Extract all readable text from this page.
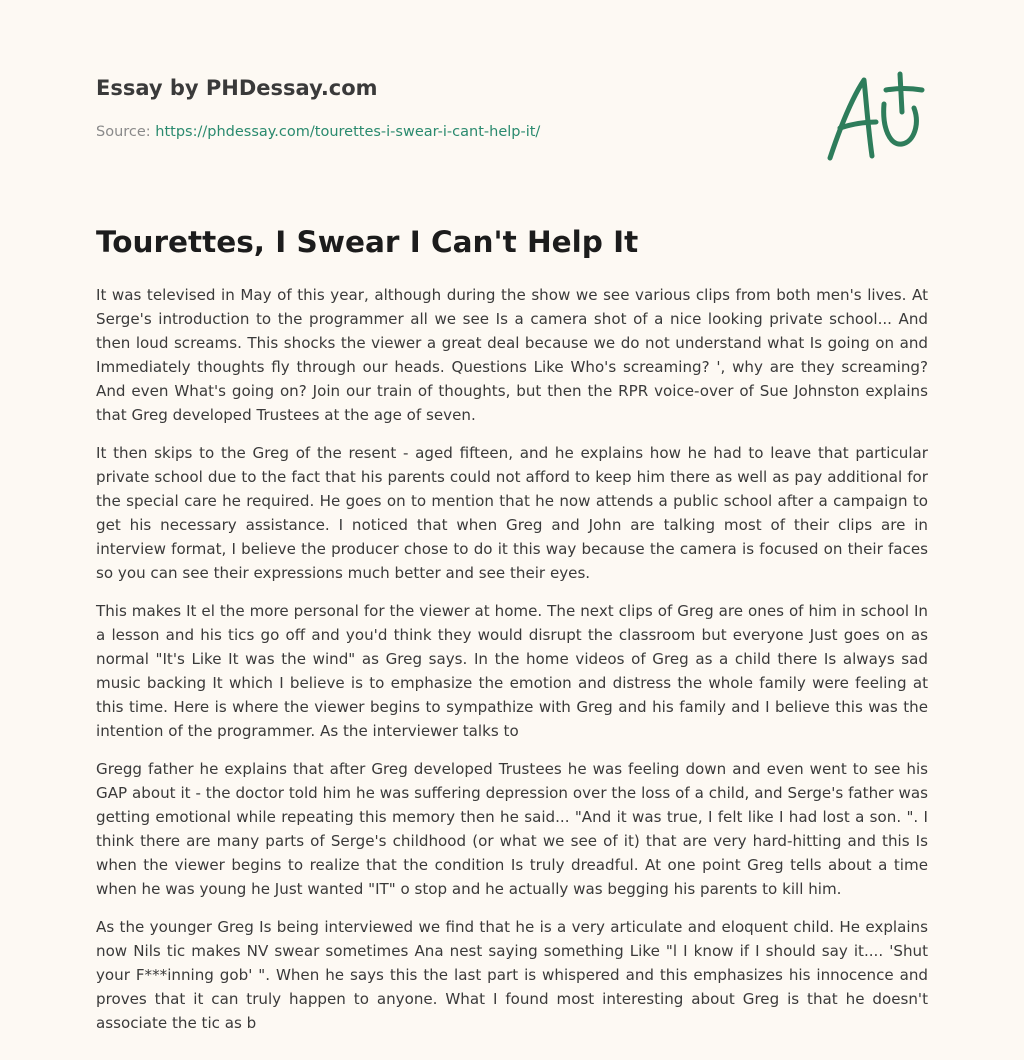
Essay by PHDessay.com
Source: https://phdessay.com/tourettes-i-swear-i-cant-help-it/
Tourettes, I Swear I Can't Help It

It was televised in May of this year, although during the show we see various clips from both men's lives. At Serge's introduction to the programmer all we see Is a camera shot of a nice looking private school... And then loud screams. This shocks the viewer a great deal because we do not understand what Is going on and Immediately thoughts fly through our heads. Questions Like Who's screaming? ', why are they screaming? And even What's going on? Join our train of thoughts, but then the RPR voice-over of Sue Johnston explains that Greg developed Trustees at the age of seven.

It then skips to the Greg of the resent - aged fifteen, and he explains how he had to leave that particular private school due to the fact that his parents could not afford to keep him there as well as pay additional for the special care he required. He goes on to mention that he now attends a public school after a campaign to get his necessary assistance. I noticed that when Greg and John are talking most of their clips are in interview format, I believe the producer chose to do it this way because the camera is focused on their faces so you can see their expressions much better and see their eyes.

This makes It el the more personal for the viewer at home. The next clips of Greg are ones of him in school In a lesson and his tics go off and you'd think they would disrupt the classroom but everyone Just goes on as normal "It's Like It was the wind" as Greg says. In the home videos of Greg as a child there Is always sad music backing It which I believe is to emphasize the emotion and distress the whole family were feeling at this time. Here is where the viewer begins to sympathize with Greg and his family and I believe this was the intention of the programmer. As the interviewer talks to

Gregg father he explains that after Greg developed Trustees he was feeling down and even went to see his GAP about it - the doctor told him he was suffering depression over the loss of a child, and Serge's father was getting emotional while repeating this memory then he said... "And it was true, I felt like I had lost a son. ". I think there are many parts of Serge's childhood (or what we see of it) that are very hard-hitting and this Is when the viewer begins to realize that the condition Is truly dreadful. At one point Greg tells about a time when he was young he Just wanted "IT" o stop and he actually was begging his parents to kill him.

As the younger Greg Is being interviewed we find that he is a very articulate and eloquent child. He explains now Nils tic makes NV swear sometimes Ana nest saying something Like "l I know if I should say it.... 'Shut your F***inning gob' ". When he says this the last part is whispered and this emphasizes his innocence and proves that it can truly happen to anyone. What I found most interesting about Greg is that he doesn't associate the tic as b
